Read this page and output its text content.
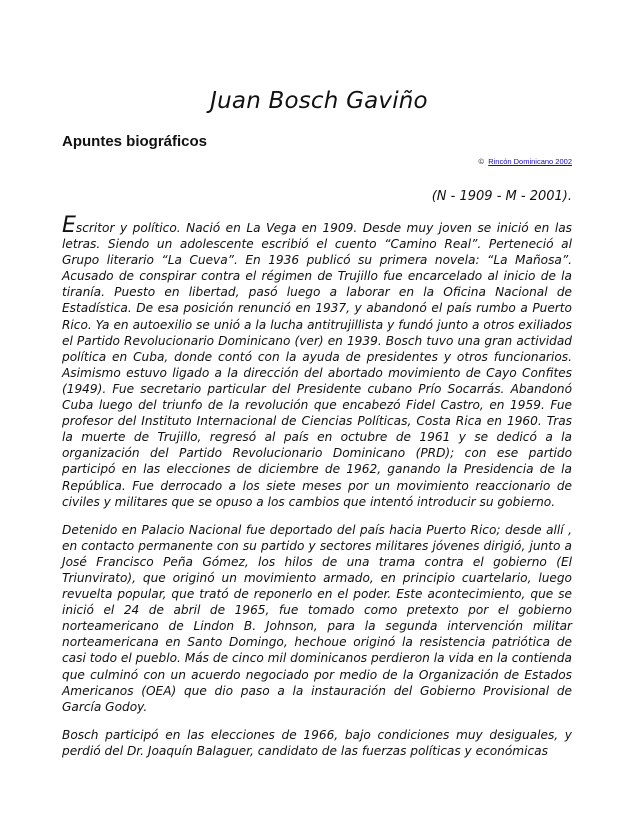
Juan Bosch Gaviño
Apuntes biográficos
© Rincón Dominicano 2002
(N - 1909 - M - 2001).

Escritor y político. Nació en La Vega en 1909. Desde muy joven se inició en las letras. Siendo un adolescente escribió el cuento “Camino Real”. Perteneció al Grupo literario “La Cueva”. En 1936 publicó su primera novela: “La Mañosa”. Acusado de conspirar contra el régimen de Trujillo fue encarcelado al inicio de la tiranía. Puesto en libertad, pasó luego a laborar en la Oficina Nacional de Estadística. De esa posición renunció en 1937, y abandonó el país rumbo a Puerto Rico. Ya en autoexilio se unió a la lucha antitrujillista y fundó junto a otros exiliados el Partido Revolucionario Dominicano (ver) en 1939. Bosch tuvo una gran actividad política en Cuba, donde contó con la ayuda de presidentes y otros funcionarios. Asimismo estuvo ligado a la dirección del abortado movimiento de Cayo Confites (1949). Fue secretario particular del Presidente cubano Prío Socarrás. Abandonó Cuba luego del triunfo de la revolución que encabezó Fidel Castro, en 1959. Fue profesor del Instituto Internacional de Ciencias Políticas, Costa Rica en 1960. Tras la muerte de Trujillo, regresó al país en octubre de 1961 y se dedicó a la organización del Partido Revolucionario Dominicano (PRD); con ese partido participó en las elecciones de diciembre de 1962, ganando la Presidencia de la República. Fue derrocado a los siete meses por un movimiento reaccionario de civiles y militares que se opuso a los cambios que intentó introducir su gobierno.

Detenido en Palacio Nacional fue deportado del país hacia Puerto Rico; desde allí , en contacto permanente con su partido y sectores militares jóvenes dirigió, junto a José Francisco Peña Gómez, los hilos de una trama contra el gobierno (El Triunvirato), que originó un movimiento armado, en principio cuartelario, luego revuelta popular, que trató de reponerlo en el poder. Este acontecimiento, que se inició el 24 de abril de 1965, fue tomado como pretexto por el gobierno norteamericano de Lindon B. Johnson, para la segunda intervención militar norteamericana en Santo Domingo, hechoue originó la resistencia patriótica de casi todo el pueblo. Más de cinco mil dominicanos perdieron la vida en la contienda que culminó con un acuerdo negociado por medio de la Organización de Estados Americanos (OEA) que dio paso a la instauración del Gobierno Provisional de García Godoy.

Bosch participó en las elecciones de 1966, bajo condiciones muy desiguales, y perdió del Dr. Joaquín Balaguer, candidato de las fuerzas políticas y económicas
